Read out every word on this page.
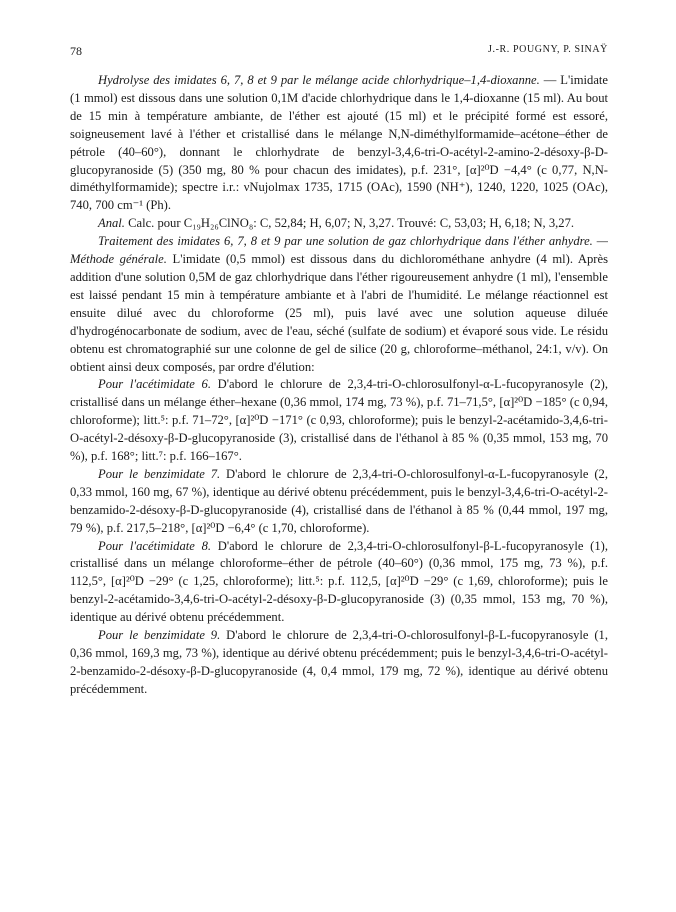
78	J.-R. POUGNY, P. SINAŸ

Hydrolyse des imidates 6, 7, 8 et 9 par le mélange acide chlorhydrique–1,4-dioxanne. — L'imidate (1 mmol) est dissous dans une solution 0,1M d'acide chlorhydrique dans le 1,4-dioxanne (15 ml). Au bout de 15 min à température ambiante, de l'éther est ajouté (15 ml) et le précipité formé est essoré, soigneusement lavé à l'éther et cristallisé dans le mélange N,N-diméthylformamide–acétone–éther de pétrole (40–60°), donnant le chlorhydrate de benzyl-3,4,6-tri-O-acétyl-2-amino-2-désoxy-β-D-glucopyranoside (5) (350 mg, 80 % pour chacun des imidates), p.f. 231°, [α]²⁰D −4,4° (c 0,77, N,N-diméthylformamide); spectre i.r.: νNujolmax 1735, 1715 (OAc), 1590 (NH⁺), 1240, 1220, 1025 (OAc), 740, 700 cm⁻¹ (Ph).

Anal. Calc. pour C₁₉H₂₆ClNO₈: C, 52,84; H, 6,07; N, 3,27. Trouvé: C, 53,03; H, 6,18; N, 3,27.

Traitement des imidates 6, 7, 8 et 9 par une solution de gaz chlorhydrique dans l'éther anhydre. — Méthode générale. L'imidate (0,5 mmol) est dissous dans du dichlorométhane anhydre (4 ml). Après addition d'une solution 0,5M de gaz chlorhydrique dans l'éther rigoureusement anhydre (1 ml), l'ensemble est laissé pendant 15 min à température ambiante et à l'abri de l'humidité. Le mélange réactionnel est ensuite dilué avec du chloroforme (25 ml), puis lavé avec une solution aqueuse diluée d'hydrogénocarbonate de sodium, avec de l'eau, séché (sulfate de sodium) et évaporé sous vide. Le résidu obtenu est chromatographié sur une colonne de gel de silice (20 g, chloroforme–méthanol, 24:1, v/v). On obtient ainsi deux composés, par ordre d'élution:

Pour l'acétimidate 6. D'abord le chlorure de 2,3,4-tri-O-chlorosulfonyl-α-L-fucopyranosyle (2), cristallisé dans un mélange éther–hexane (0,36 mmol, 174 mg, 73 %), p.f. 71–71,5°, [α]²⁰D −185° (c 0,94, chloroforme); litt.⁵: p.f. 71–72°, [α]²⁰D −171° (c 0,93, chloroforme); puis le benzyl-2-acétamido-3,4,6-tri-O-acétyl-2-désoxy-β-D-glucopyranoside (3), cristallisé dans de l'éthanol à 85 % (0,35 mmol, 153 mg, 70 %), p.f. 168°; litt.⁷: p.f. 166–167°.

Pour le benzimidate 7. D'abord le chlorure de 2,3,4-tri-O-chlorosulfonyl-α-L-fucopyranosyle (2, 0,33 mmol, 160 mg, 67 %), identique au dérivé obtenu précédemment, puis le benzyl-3,4,6-tri-O-acétyl-2-benzamido-2-désoxy-β-D-glucopyranoside (4), cristallisé dans de l'éthanol à 85 % (0,44 mmol, 197 mg, 79 %), p.f. 217,5–218°, [α]²⁰D −6,4° (c 1,70, chloroforme).

Pour l'acétimidate 8. D'abord le chlorure de 2,3,4-tri-O-chlorosulfonyl-β-L-fucopyranosyle (1), cristallisé dans un mélange chloroforme–éther de pétrole (40–60°) (0,36 mmol, 175 mg, 73 %), p.f. 112,5°, [α]²⁰D −29° (c 1,25, chloroforme); litt.⁵: p.f. 112,5, [α]²⁰D −29° (c 1,69, chloroforme); puis le benzyl-2-acétamido-3,4,6-tri-O-acétyl-2-désoxy-β-D-glucopyranoside (3) (0,35 mmol, 153 mg, 70 %), identique au dérivé obtenu précédemment.

Pour le benzimidate 9. D'abord le chlorure de 2,3,4-tri-O-chlorosulfonyl-β-L-fucopyranosyle (1, 0,36 mmol, 169,3 mg, 73 %), identique au dérivé obtenu précédemment; puis le benzyl-3,4,6-tri-O-acétyl-2-benzamido-2-désoxy-β-D-glucopyranoside (4, 0,4 mmol, 179 mg, 72 %), identique au dérivé obtenu précédemment.
